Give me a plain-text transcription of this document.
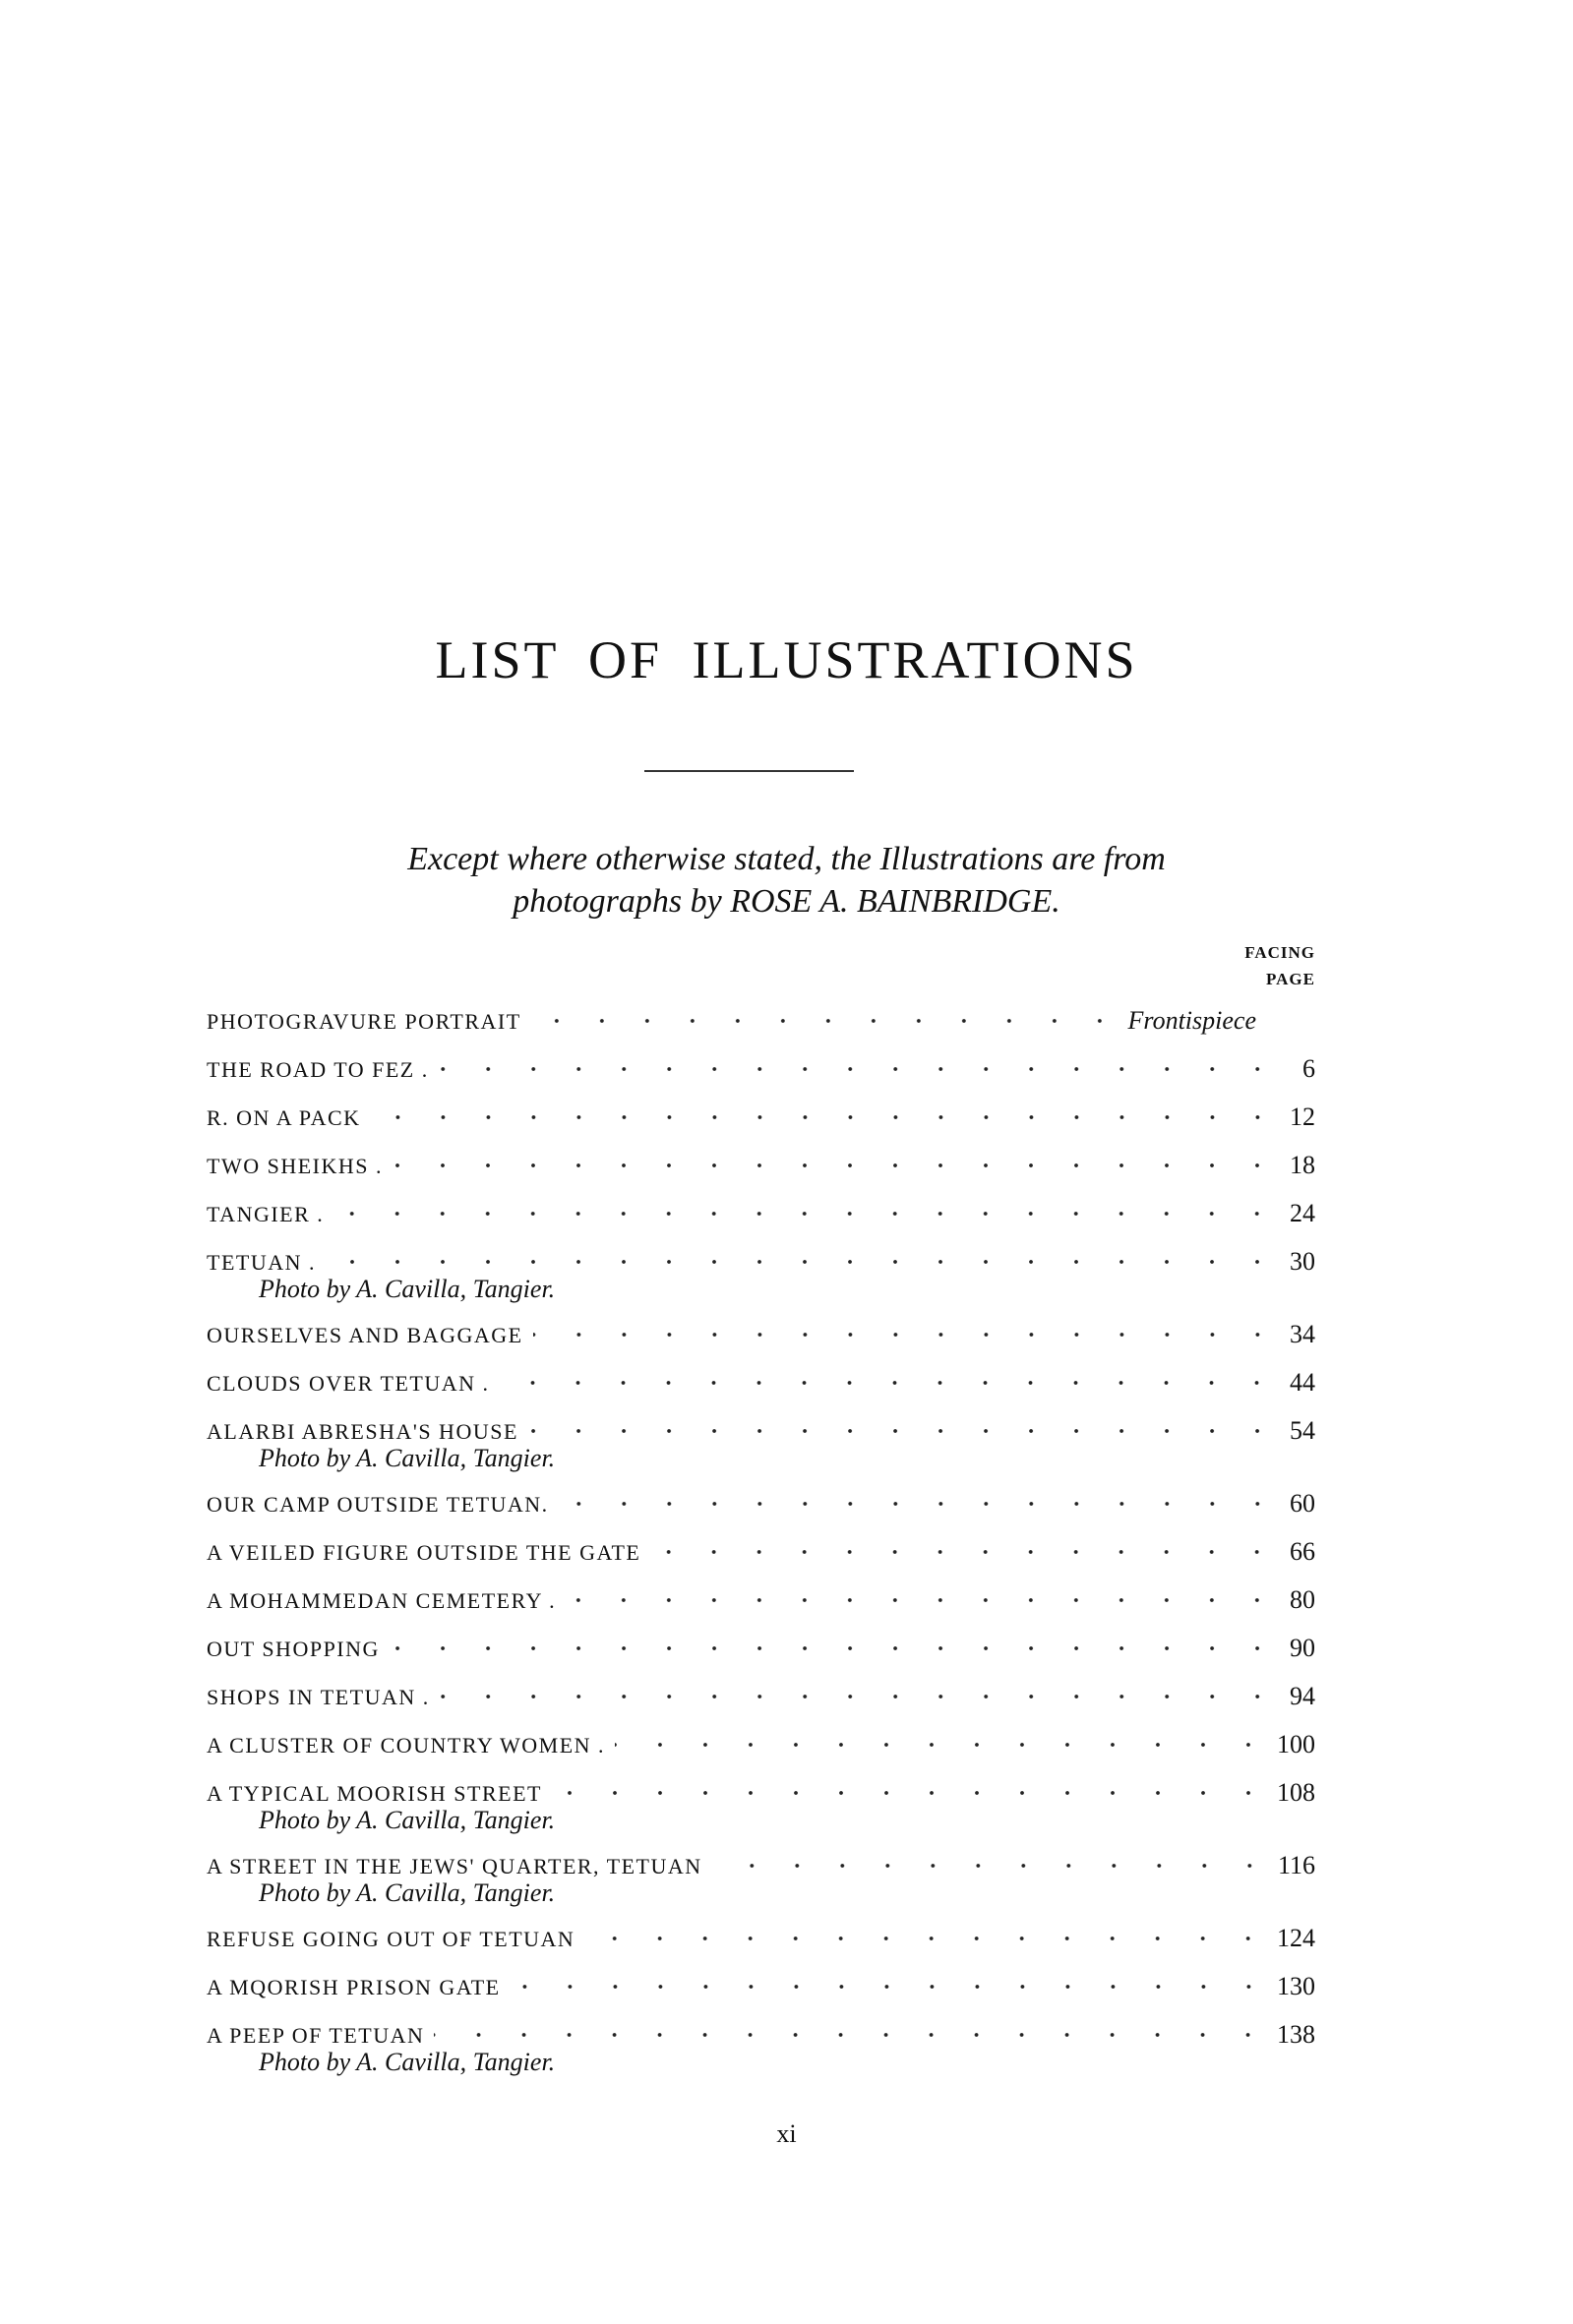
LIST OF ILLUSTRATIONS
Except where otherwise stated, the Illustrations are from
photographs by ROSE A. BAINBRIDGE.
FACING
PAGE
PHOTOGRAVURE PORTRAIT	Frontispiece
THE ROAD TO FEZ .	6
R. ON A PACK	12
TWO SHEIKHS .	18
TANGIER .	24
TETUAN .	30
Photo by A. Cavilla, Tangier.
OURSELVES AND BAGGAGE	34
CLOUDS OVER TETUAN .	44
ALARBI ABRESHA'S HOUSE	54
Photo by A. Cavilla, Tangier.
OUR CAMP OUTSIDE TETUAN.	60
A VEILED FIGURE OUTSIDE THE GATE	66
A MOHAMMEDAN CEMETERY .	80
OUT SHOPPING	90
SHOPS IN TETUAN .	94
A CLUSTER OF COUNTRY WOMEN .	100
A TYPICAL MOORISH STREET	108
Photo by A. Cavilla, Tangier.
A STREET IN THE JEWS' QUARTER, TETUAN	116
Photo by A. Cavilla, Tangier.
REFUSE GOING OUT OF TETUAN	124
A MQORISH PRISON GATE	130
A PEEP OF TETUAN	138
Photo by A. Cavilla, Tangier.
xi
